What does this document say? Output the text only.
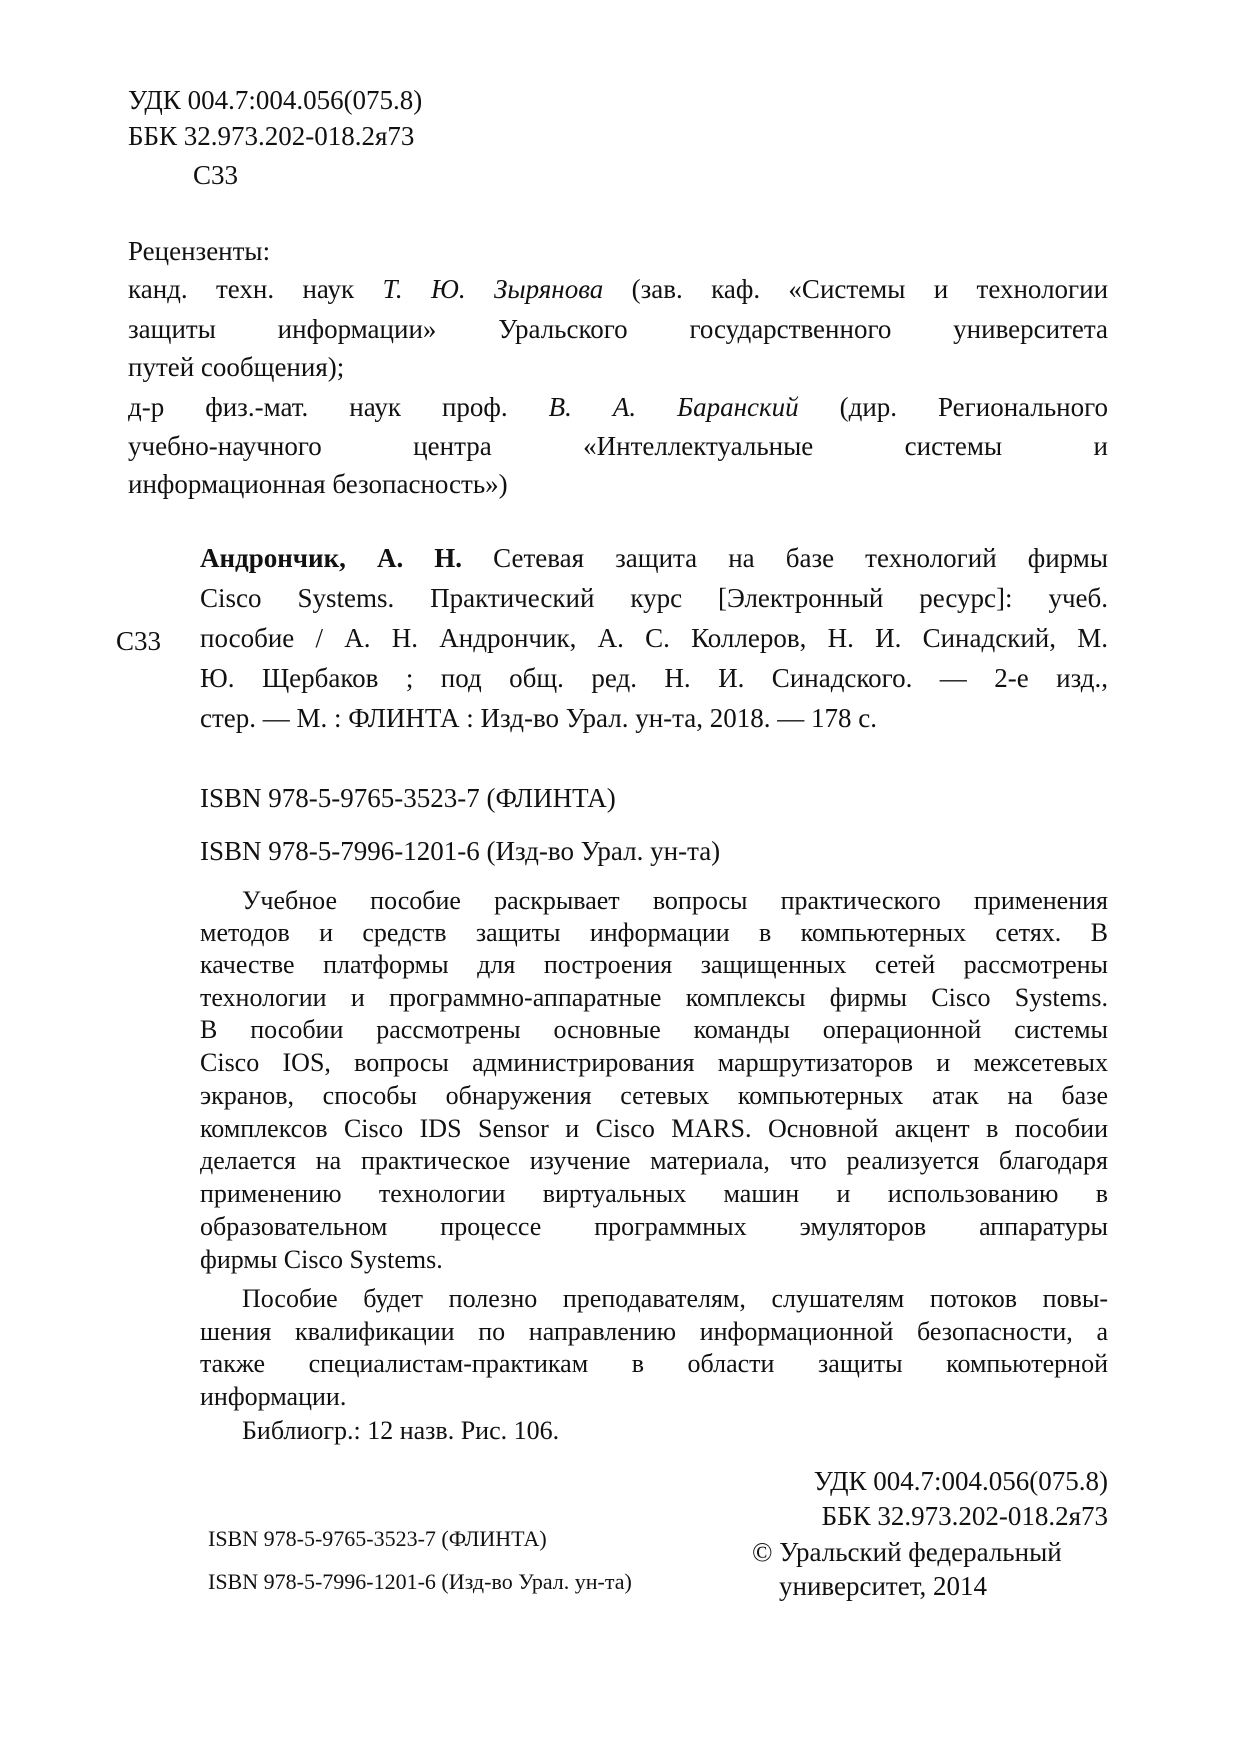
УДК 004.7:004.056(075.8)
ББК 32.973.202-018.2я73
С33
Рецензенты:
канд. техн. наук Т. Ю. Зырянова (зав. каф. «Системы и технологии
защиты информации» Уральского государственного университета
путей сообщения);
д-р физ.-мат. наук проф. В. А. Баранский (дир. Регионального
учебно-научного центра «Интеллектуальные системы и
информационная безопасность»)
С33
Андрончик, А. Н. Сетевая защита на базе технологий фирмы
Cisco Systems. Практический курс [Электронный ресурс]: учеб.
пособие / А. Н. Андрончик, А. С. Коллеров, Н. И. Синадский, М.
Ю. Щербаков ; под общ. ред. Н. И. Синадского. — 2-е изд.,
стер. — М. : ФЛИНТА : Изд-во Урал. ун-та, 2018. — 178 с.
ISBN 978-5-9765-3523-7 (ФЛИНТА)
ISBN 978-5-7996-1201-6 (Изд-во Урал. ун-та)
Учебное пособие раскрывает вопросы практического применения
методов и средств защиты информации в компьютерных сетях. В
качестве платформы для построения защищенных сетей рассмотрены
технологии и программно-аппаратные комплексы фирмы Cisco Systems.
В пособии рассмотрены основные команды операционной системы
Cisco IOS, вопросы администрирования маршрутизаторов и межсетевых
экранов, способы обнаружения сетевых компьютерных атак на базе
комплексов Cisco IDS Sensor и Cisco MARS. Основной акцент в пособии
делается на практическое изучение материала, что реализуется благодаря
применению технологии виртуальных машин и использованию в
образовательном процессе программных эмуляторов аппаратуры
фирмы Cisco Systems.
Пособие будет полезно преподавателям, слушателям потоков повы-
шения квалификации по направлению информационной безопасности, а
также специалистам-практикам в области защиты компьютерной
информации.
Библиогр.: 12 назв. Рис. 106.
УДК 004.7:004.056(075.8)
ББК 32.973.202-018.2я73
ISBN 978-5-9765-3523-7 (ФЛИНТА)
ISBN 978-5-7996-1201-6 (Изд-во Урал. ун-та)
© Уральский федеральный
университет, 2014
